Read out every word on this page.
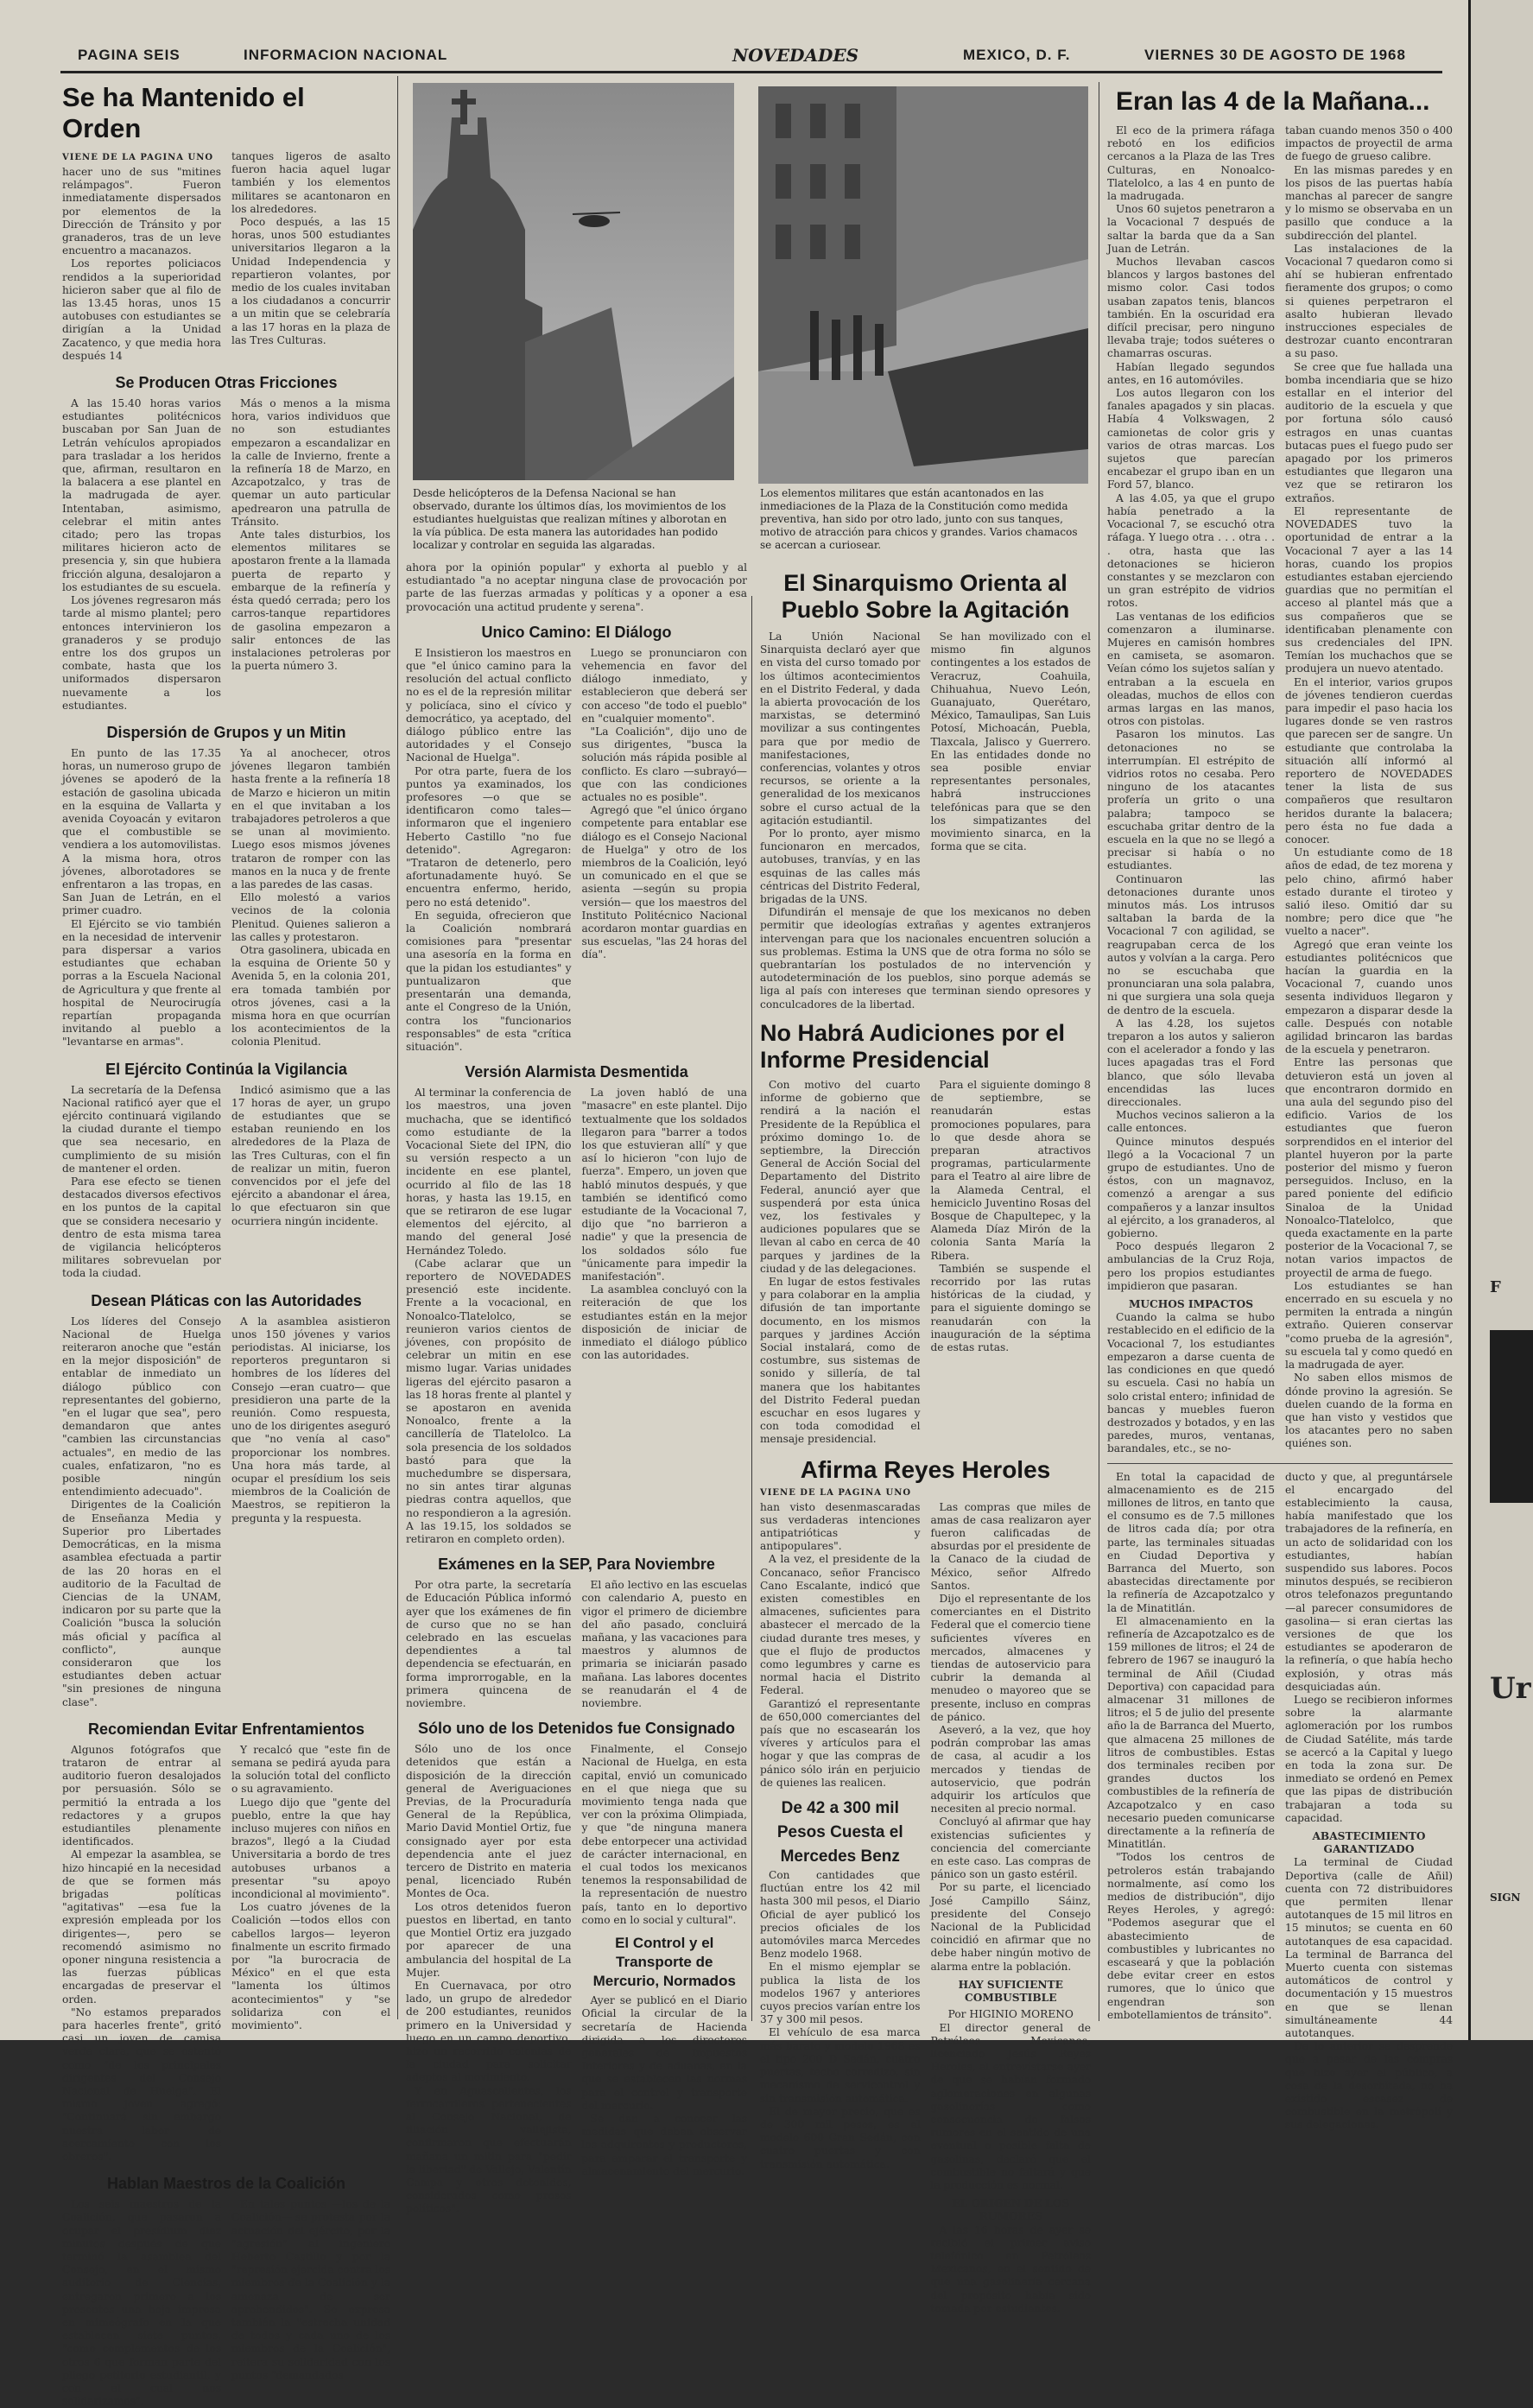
PAGINA SEIS	INFORMACION NACIONAL	NOVEDADES	MEXICO, D. F.	VIERNES 30 DE AGOSTO DE 1968
Se ha Mantenido el Orden
VIENE DE LA PAGINA UNO
hacer uno de sus "mitines relámpagos". Fueron inmediatamente dispersados por elementos de la Dirección de Tránsito y por granaderos, tras de un leve encuentro a macanazos.
Los reportes policiacos rendidos a la superioridad hicieron saber que al filo de las 13.45 horas, unos 15 autobuses con estudiantes se dirigían a la Unidad Zacatenco, y que media hora después 14
tanques ligeros de asalto fueron hacia aquel lugar también y los elementos militares se acantonaron en los alrededores.
Poco después, a las 15 horas, unos 500 estudiantes universitarios llegaron a la Unidad Independencia y repartieron volantes, por medio de los cuales invitaban a los ciudadanos a concurrir a un mitin que se celebraría a las 17 horas en la plaza de las Tres Culturas.
Se Producen Otras Fricciones
A las 15.40 horas varios estudiantes politécnicos buscaban por San Juan de Letrán vehículos apropiados para trasladar a los heridos que, afirman, resultaron en la balacera a ese plantel en la madrugada de ayer. Intentaban, asimismo, celebrar el mitin antes citado; pero las tropas militares hicieron acto de presencia y, sin que hubiera fricción alguna, desalojaron a los estudiantes de su escuela.
Los jóvenes regresaron más tarde al mismo plantel; pero entonces intervinieron los granaderos y se produjo entre los dos grupos un combate, hasta que los uniformados dispersaron nuevamente a los estudiantes.
Más o menos a la misma hora, varios individuos que no son estudiantes empezaron a escandalizar en la calle de Invierno, frente a la refinería 18 de Marzo, en Azcapotzalco, y tras de quemar un auto particular apedrearon una patrulla de Tránsito.
Ante tales disturbios, los elementos militares se apostaron frente a la llamada puerta de reparto y embarque de la refinería y ésta quedó cerrada; pero los carros-tanque repartidores de gasolina empezaron a salir entonces de las instalaciones petroleras por la puerta número 3.
Dispersión de Grupos y un Mitin
En punto de las 17.35 horas, un numeroso grupo de jóvenes se apoderó de la estación de gasolina ubicada en la esquina de Vallarta y avenida Coyoacán y evitaron que el combustible se vendiera a los automovilistas. A la misma hora, otros jóvenes, alborotadores se enfrentaron a las tropas, en San Juan de Letrán, en el primer cuadro.
El Ejército se vio también en la necesidad de intervenir para dispersar a varios estudiantes que echaban porras a la Escuela Nacional de Agricultura y que frente al hospital de Neurocirugía repartían propaganda invitando al pueblo a "levantarse en armas".
Ya al anochecer, otros jóvenes llegaron también hasta frente a la refinería 18 de Marzo e hicieron un mitin en el que invitaban a los trabajadores petroleros a que se unan al movimiento. Luego esos mismos jóvenes trataron de romper con las manos en la nuca y de frente a las paredes de las casas.
Ello molestó a varios vecinos de la colonia Plenitud. Quienes salieron a las calles y protestaron.
Otra gasolinera, ubicada en la esquina de Oriente 50 y Avenida 5, en la colonia 201, era tomada también por otros jóvenes, casi a la misma hora en que ocurrían los acontecimientos de la colonia Plenitud.
El Ejército Continúa la Vigilancia
La secretaría de la Defensa Nacional ratificó ayer que el ejército continuará vigilando la ciudad durante el tiempo que sea necesario, en cumplimiento de su misión de mantener el orden.
Para ese efecto se tienen destacados diversos efectivos en los puntos de la capital que se considera necesario y dentro de esta misma tarea de vigilancia helicópteros militares sobrevuelan por toda la ciudad.
Indicó asimismo que a las 17 horas de ayer, un grupo de estudiantes que se estaban reuniendo en los alrededores de la Plaza de las Tres Culturas, con el fin de realizar un mitin, fueron convencidos por el jefe del ejército a abandonar el área, lo que efectuaron sin que ocurriera ningún incidente.
Desean Pláticas con las Autoridades
Los líderes del Consejo Nacional de Huelga reiteraron anoche que "están en la mejor disposición" de entablar de inmediato un diálogo público con representantes del gobierno, "en el lugar que sea", pero demandaron que antes "cambien las circunstancias actuales", en medio de las cuales, enfatizaron, "no es posible ningún entendimiento adecuado".
Dirigentes de la Coalición de Enseñanza Media y Superior pro Libertades Democráticas, en la misma asamblea efectuada a partir de las 20 horas en el auditorio de la Facultad de Ciencias de la UNAM, indicaron por su parte que la Coalición "busca la solución más oficial y pacífica al conflicto", aunque consideraron que los estudiantes deben actuar "sin presiones de ninguna clase".
A la asamblea asistieron unos 150 jóvenes y varios periodistas. Al iniciarse, los reporteros preguntaron si hombres de los líderes del Consejo —eran cuatro— que presidieron una parte de la reunión. Como respuesta, uno de los dirigentes aseguró que "no venía al caso" proporcionar los nombres. Una hora más tarde, al ocupar el presídium los seis miembros de la Coalición de Maestros, se repitieron la pregunta y la respuesta.
Recomiendan Evitar Enfrentamientos
Algunos fotógrafos que trataron de entrar al auditorio fueron desalojados por persuasión. Sólo se permitió la entrada a los redactores y a grupos estudiantiles plenamente identificados.
Al empezar la asamblea, se hizo hincapié en la necesidad de que se formen más brigadas políticas "agitativas" —esa fue la expresión empleada por los dirigentes—, pero se recomendó asimismo no oponer ninguna resistencia a las fuerzas públicas encargadas de preservar el orden.
"No estamos preparados para hacerles frente", gritó casi un joven de camisa verde clara, que se ostentó como "de los principales dirigentes del Consejo Nacional de Huelga". El mismo joven agregó: "Continuará sin embargo nuestra labor de acercamiento con los obreros".
Y recalcó que "este fin de semana se pedirá ayuda para la solución total del conflicto o su agravamiento.
Luego dijo que "gente del pueblo, entre la que hay incluso mujeres con niños en brazos", llegó a la Ciudad Universitaria a bordo de tres autobuses urbanos a presentar "su apoyo incondicional al movimiento".
Los cuatro jóvenes de la Coalición —todos ellos con cabellos largos— leyeron finalmente un escrito firmado por "la burocracia de México" en el que esta "lamenta los últimos acontecimientos" y "se solidariza con el movimiento".
Hablan Maestros de la Coalición
Los seis maestros de la Coalición, que pasaron a ocupar el presídium diez minutos después de que terminó la asamblea del Consejo, en el mismo auditorio de Ciencias, entregaron primero a los presentes una hoja impresa en mimeógrafo en la que establecen siete puntos, "como complementos de los otros 6 que forman parte del pliego petitorio estudiantil, y con el cual nos solidarizamos".
En tales puntos —los de la Coalición— se protesta por la actuación del ejército, por la "agresión" al ingeniero Heberto Castillo y por la "represión ejercida contra los miembros de la Coalición y la amenaza de ser aprehendidos". Se expresa también la "estrecha unidad de todos y cada uno de los miembros de la Coalición", reitera su solidaridad con los puntos "demandados
Desde helicópteros de la Defensa Nacional se han observado, durante los últimos días, los movimientos de los estudiantes huelguistas que realizan mítines y alborotan en la vía pública. De esta manera las autoridades han podido localizar y controlar en seguida las algaradas.
Los elementos militares que están acantonados en las inmediaciones de la Plaza de la Constitución como medida preventiva, han sido por otro lado, junto con sus tanques, motivo de atracción para chicos y grandes. Varios chamacos se acercan a curiosear.
ahora por la opinión popular" y exhorta al pueblo y al estudiantado "a no aceptar ninguna clase de provocación por parte de las fuerzas armadas y políticas y a oponer a esa provocación una actitud prudente y serena".
Unico Camino: El Diálogo
E Insistieron los maestros en que "el único camino para la resolución del actual conflicto no es el de la represión militar y policíaca, sino el cívico y democrático, ya aceptado, del diálogo público entre las autoridades y el Consejo Nacional de Huelga".
Por otra parte, fuera de los puntos ya examinados, los profesores —o que se identificaron como tales— informaron que el ingeniero Heberto Castillo "no fue detenido". Agregaron: "Trataron de detenerlo, pero afortunadamente huyó. Se encuentra enfermo, herido, pero no está detenido".
En seguida, ofrecieron que la Coalición nombrará comisiones para "presentar una asesoría en la forma en que la pidan los estudiantes" y puntualizaron que presentarán una demanda, ante el Congreso de la Unión, contra los "funcionarios responsables" de esta "crítica situación".
Luego se pronunciaron con vehemencia en favor del diálogo inmediato, y establecieron que deberá ser con acceso "de todo el pueblo" en "cualquier momento".
"La Coalición", dijo uno de sus dirigentes, "busca la solución más rápida posible al conflicto. Es claro —subrayó— que con las condiciones actuales no es posible".
Agregó que "el único órgano competente para entablar ese diálogo es el Consejo Nacional de Huelga" y otro de los miembros de la Coalición, leyó un comunicado en el que se asienta —según su propia versión— que los maestros del Instituto Politécnico Nacional acordaron montar guardias en sus escuelas, "las 24 horas del día".
Versión Alarmista Desmentida
Al terminar la conferencia de los maestros, una joven muchacha, que se identificó como estudiante de la Vocacional Siete del IPN, dio su versión respecto a un incidente en ese plantel, ocurrido al filo de las 18 horas, y hasta las 19.15, en que se retiraron de ese lugar elementos del ejército, al mando del general José Hernández Toledo.
(Cabe aclarar que un reportero de NOVEDADES presenció este incidente. Frente a la vocacional, en Nonoalco-Tlatelolco, se reunieron varios cientos de jóvenes, con propósito de celebrar un mitin en ese mismo lugar. Varias unidades ligeras del ejército pasaron a las 18 horas frente al plantel y se apostaron en avenida Nonoalco, frente a la cancillería de Tlatelolco. La sola presencia de los soldados bastó para que la muchedumbre se dispersara, no sin antes tirar algunas piedras contra aquellos, que no respondieron a la agresión. A las 19.15, los soldados se retiraron en completo orden).
La joven habló de una "masacre" en este plantel. Dijo textualmente que los soldados llegaron para "barrer a todos los que estuvieran allí" y que así lo hicieron "con lujo de fuerza". Empero, un joven que habló minutos después, y que también se identificó como estudiante de la Vocacional 7, dijo que "no barrieron a nadie" y que la presencia de los soldados sólo fue "únicamente para impedir la manifestación".
La asamblea concluyó con la reiteración de que los estudiantes están en la mejor disposición de iniciar de inmediato el diálogo público con las autoridades.
Exámenes en la SEP, Para Noviembre
Por otra parte, la secretaría de Educación Pública informó ayer que los exámenes de fin de curso que no se han celebrado en las escuelas dependientes a tal dependencia se efectuarán, en forma improrrogable, en la primera quincena de noviembre.
El año lectivo en las escuelas con calendario A, puesto en vigor el primero de diciembre del año pasado, concluirá mañana, y las vacaciones para maestros y alumnos de primaria se iniciarán pasado mañana. Las labores docentes se reanudarán el 4 de noviembre.
Sólo uno de los Detenidos fue Consignado
Sólo uno de los once detenidos que están a disposición de la dirección general de Averiguaciones Previas, de la Procuraduría General de la República, Mario David Montiel Ortiz, fue consignado ayer por esta dependencia ante el juez tercero de Distrito en materia penal, licenciado Rubén Montes de Oca.
Los otros detenidos fueron puestos en libertad, en tanto que Montiel Ortiz era juzgado por aparecer de una ambulancia del hospital de La Mujer.
En Cuernavaca, por otro lado, un grupo de alrededor de 200 estudiantes, reunidos primero en la Universidad y luego en un campo deportivo, hizo un recorrido colonias de la ciudad para solicitar adeptos al movimiento.
Y en Aguascalientes, los ferrocarrileros pertenecientes al Consejo Nacional, de filiación vallejista, confirmaron que efectuarán mañana un mitin para "pedir la libertad" de Vallejo, Valentín Campa y otros detenidos, considerados como presos políticos".
Finalmente, el Consejo Nacional de Huelga, en esta capital, envió un comunicado en el que niega que su movimiento tenga nada que ver con la próxima Olimpiada, y que "de ninguna manera debe entorpecer una actividad de carácter internacional, en el cual todos los mexicanos tenemos la responsabilidad de la representación de nuestro país, tanto en lo deportivo como en lo social y cultural".
El Control y el Transporte de Mercurio, Normados
Ayer se publicó en el Diario Oficial la circular de la secretaría de Hacienda dirigida a los directores generales de Impuestos Interiores y de aduanas, en la que se establecen las normas para el control y transporte del mercurio.
Se dan a conocer las medidas que deben observar los adquirentes y productores, para amparar el transporte y almacenamiento del mercurio.
El Sinarquismo Orienta al Pueblo Sobre la Agitación
La Unión Nacional Sinarquista declaró ayer que en vista del curso tomado por los últimos acontecimientos en el Distrito Federal, y dada la abierta provocación de los marxistas, se determinó movilizar a sus contingentes para que por medio de manifestaciones, conferencias, volantes y otros recursos, se oriente a la generalidad de los mexicanos sobre el curso actual de la agitación estudiantil.
Por lo pronto, ayer mismo funcionaron en mercados, autobuses, tranvías, y en las esquinas de las calles más céntricas del Distrito Federal, brigadas de la UNS.
Se han movilizado con el mismo fin algunos contingentes a los estados de Veracruz, Coahuila, Chihuahua, Nuevo León, Guanajuato, Querétaro, México, Tamaulipas, San Luis Potosí, Michoacán, Puebla, Tlaxcala, Jalisco y Guerrero. En las entidades donde no sea posible enviar representantes personales, habrá instrucciones telefónicas para que se den los simpatizantes del movimiento sinarca, en la forma que se cita.
Difundirán el mensaje de que los mexicanos no deben permitir que ideologías extrañas y agentes extranjeros intervengan para que los nacionales encuentren solución a sus problemas. Estima la UNS que de otra forma no sólo se quebrantarían los postulados de no intervención y autodeterminación de los pueblos, sino porque además se liga al país con intereses que terminan siendo opresores y conculcadores de la libertad.
No Habrá Audiciones por el Informe Presidencial
Con motivo del cuarto informe de gobierno que rendirá a la nación el Presidente de la República el próximo domingo 1o. de septiembre, la Dirección General de Acción Social del Departamento del Distrito Federal, anunció ayer que suspenderá por esta única vez, los festivales y audiciones populares que se llevan al cabo en cerca de 40 parques y jardines de la ciudad y de las delegaciones.
En lugar de estos festivales y para colaborar en la amplia difusión de tan importante documento, en los mismos parques y jardines Acción Social instalará, como de costumbre, sus sistemas de sonido y sillería, de tal manera que los habitantes del Distrito Federal puedan escuchar en esos lugares y con toda comodidad el mensaje presidencial.
Para el siguiente domingo 8 de septiembre, se reanudarán estas promociones populares, para lo que desde ahora se preparan atractivos programas, particularmente para el Teatro al aire libre de la Alameda Central, el hemiciclo Juventino Rosas del Bosque de Chapultepec, y la Alameda Díaz Mirón de la colonia Santa María la Ribera.
También se suspende el recorrido por las rutas históricas de la ciudad, y para el siguiente domingo se reanudarán con la inauguración de la séptima de estas rutas.
Afirma Reyes Heroles
VIENE DE LA PAGINA UNO
han visto desenmascaradas sus verdaderas intenciones antipatrióticas y antipopulares".
A la vez, el presidente de la Concanaco, señor Francisco Cano Escalante, indicó que existen comestibles en almacenes, suficientes para abastecer el mercado de la ciudad durante tres meses, y que el flujo de productos como legumbres y carne es normal hacia el Distrito Federal.
Garantizó el representante de 650,000 comerciantes del país que no escasearán los víveres y artículos para el hogar y que las compras de pánico sólo irán en perjuicio de quienes las realicen.
De 42 a 300 mil Pesos Cuesta el Mercedes Benz
Con cantidades que fluctúan entre los 42 mil hasta 300 mil pesos, el Diario Oficial de ayer publicó los precios oficiales de los automóviles marca Mercedes Benz modelo 1968.
En el mismo ejemplar se publica la lista de los modelos 1967 y anteriores cuyos precios varían entre los 37 y 300 mil pesos.
El vehículo de esa marca más barato y modelo 1968 es el tipo 200 D Sedán, cuatro puertas, techo corredizo, sin mecanismo de servicontrol y sin transmisión automática.
El de mayor precio, que es de 300 mil pesos, es el modelo 600 Gran Sedán, con cuatro puertas y con transmisión automática.
Las compras que miles de amas de casa realizaron ayer fueron calificadas de absurdas por el presidente de la Canaco de la ciudad de México, señor Alfredo Santos.
Dijo el representante de los comerciantes en el Distrito Federal que el comercio tiene suficientes víveres en mercados, almacenes y tiendas de autoservicio para cubrir la demanda al menudeo o mayoreo que se presente, incluso en compras de pánico.
Aseveró, a la vez, que hoy podrán comprobar las amas de casa, al acudir a los mercados y tiendas de autoservicio, que podrán adquirir los artículos que necesiten al precio normal.
Concluyó al afirmar que hay existencias suficientes y conciencia del comerciante en este caso. Las compras de pánico son un gasto estéril.
Por su parte, el licenciado José Campillo Sáinz, presidente del Consejo Nacional de la Publicidad coincidió en afirmar que no debe haber ningún motivo de alarma entre la población.
HAY SUFICIENTE COMBUSTIBLE
Por HIGINIO MORENO
El director general de Petróleos Mexicanos, licenciado Jesús Reyes Heroles, al entrevistarse ayer de que se habían formado aglomeraciones en algunas gasolinerías como consecuencia de falsos rumores en el sentido de una eventual o posible falta de gasolinas, declaró que el combustible no faltará y que la producción es normal.
EL ORIGEN DE LOS RUMORES
A las 16 horas de ayer se recibió el primer aviso telefónico en Petróleos Mexicanos, en el sentido de que una gasolinería cercana del propósito había sido tomada por estudiantes.
Eran las 4 de la Mañana...
El eco de la primera ráfaga rebotó en los edificios cercanos a la Plaza de las Tres Culturas, en Nonoalco-Tlatelolco, a las 4 en punto de la madrugada.
Unos 60 sujetos penetraron a la Vocacional 7 después de saltar la barda que da a San Juan de Letrán.
Muchos llevaban cascos blancos y largos bastones del mismo color. Casi todos usaban zapatos tenis, blancos también. En la oscuridad era difícil precisar, pero ninguno llevaba traje; todos suéteres o chamarras oscuras.
Habían llegado segundos antes, en 16 automóviles.
Los autos llegaron con los fanales apagados y sin placas. Había 4 Volkswagen, 2 camionetas de color gris y varios de otras marcas. Los sujetos que parecían encabezar el grupo iban en un Ford 57, blanco.
A las 4.05, ya que el grupo había penetrado a la Vocacional 7, se escuchó otra ráfaga. Y luego otra . . . otra . . . otra, hasta que las detonaciones se hicieron constantes y se mezclaron con un gran estrépito de vidrios rotos.
Las ventanas de los edificios comenzaron a iluminarse. Mujeres en camisón hombres en camiseta, se asomaron. Veían cómo los sujetos salían y entraban a la escuela en oleadas, muchos de ellos con armas largas en las manos, otros con pistolas.
Pasaron los minutos. Las detonaciones no se interrumpían. El estrépito de vidrios rotos no cesaba. Pero ninguno de los atacantes profería un grito o una palabra; tampoco se escuchaba gritar dentro de la escuela en la que no se llegó a precisar si había o no estudiantes.
Continuaron las detonaciones durante unos minutos más. Los intrusos saltaban la barda de la Vocacional 7 con agilidad, se reagrupaban cerca de los autos y volvían a la carga. Pero no se escuchaba que pronunciaran una sola palabra, ni que surgiera una sola queja de dentro de la escuela.
A las 4.28, los sujetos treparon a los autos y salieron con el acelerador a fondo y las luces apagadas tras el Ford blanco, que sólo llevaba encendidas las luces direccionales.
Muchos vecinos salieron a la calle entonces.
Quince minutos después llegó a la Vocacional 7 un grupo de estudiantes. Uno de éstos, con un magnavoz, comenzó a arengar a sus compañeros y a lanzar insultos al ejército, a los granaderos, al gobierno.
Poco después llegaron 2 ambulancias de la Cruz Roja, pero los propios estudiantes impidieron que pasaran.
MUCHOS IMPACTOS
Cuando la calma se hubo restablecido en el edificio de la Vocacional 7, los estudiantes empezaron a darse cuenta de las condiciones en que quedó su escuela. Casi no había un solo cristal entero; infinidad de bancas y muebles fueron destrozados y botados, y en las paredes, muros, ventanas, barandales, etc., se no-
taban cuando menos 350 o 400 impactos de proyectil de arma de fuego de grueso calibre.
En las mismas paredes y en los pisos de las puertas había manchas al parecer de sangre y lo mismo se observaba en un pasillo que conduce a la subdirección del plantel.
Las instalaciones de la Vocacional 7 quedaron como si ahí se hubieran enfrentado fieramente dos grupos; o como si quienes perpetraron el asalto hubieran llevado instrucciones especiales de destrozar cuanto encontraran a su paso.
Se cree que fue hallada una bomba incendiaria que se hizo estallar en el interior del auditorio de la escuela y que por fortuna sólo causó estragos en unas cuantas butacas pues el fuego pudo ser apagado por los primeros estudiantes que llegaron una vez que se retiraron los extraños.
El representante de NOVEDADES tuvo la oportunidad de entrar a la Vocacional 7 ayer a las 14 horas, cuando los propios estudiantes estaban ejerciendo guardias que no permitían el acceso al plantel más que a sus compañeros que se identificaban plenamente con sus credenciales del IPN. Temían los muchachos que se produjera un nuevo atentado.
En el interior, varios grupos de jóvenes tendieron cuerdas para impedir el paso hacia los lugares donde se ven rastros que parecen ser de sangre. Un estudiante que controlaba la situación allí informó al reportero de NOVEDADES tener la lista de sus compañeros que resultaron heridos durante la balacera; pero ésta no fue dada a conocer.
Un estudiante como de 18 años de edad, de tez morena y pelo chino, afirmó haber estado durante el tiroteo y salió ileso. Omitió dar su nombre; pero dice que "he vuelto a nacer".
Agregó que eran veinte los estudiantes politécnicos que hacían la guardia en la Vocacional 7, cuando unos sesenta individuos llegaron y empezaron a disparar desde la calle. Después con notable agilidad brincaron las bardas de la escuela y penetraron.
Entre las personas que detuvieron está un joven al que encontraron dormido en una aula del segundo piso del edificio. Varios de los estudiantes que fueron sorprendidos en el interior del plantel huyeron por la parte posterior del mismo y fueron perseguidos. Incluso, en la pared poniente del edificio Sinaloa de la Unidad Nonoalco-Tlatelolco, que queda exactamente en la parte posterior de la Vocacional 7, se notan varios impactos de proyectil de arma de fuego.
Los estudiantes se han encerrado en su escuela y no permiten la entrada a ningún extraño. Quieren conservar "como prueba de la agresión", su escuela tal y como quedó en la madrugada de ayer.
No saben ellos mismos de dónde provino la agresión. Se duelen cuando de la forma en que han visto y vestidos que los atacantes pero no saben quiénes son.
En total la capacidad de almacenamiento es de 215 millones de litros, en tanto que el consumo es de 7.5 millones de litros cada día; por otra parte, las terminales situadas en Ciudad Deportiva y Barranca del Muerto, son abastecidas directamente por la refinería de Azcapotzalco y la de Minatitlán.
El almacenamiento en la refinería de Azcapotzalco es de 159 millones de litros; el 24 de febrero de 1967 se inauguró la terminal de Añil (Ciudad Deportiva) con capacidad para almacenar 31 millones de litros; el 5 de julio del presente año la de Barranca del Muerto, que almacena 25 millones de litros de combustibles. Estas dos terminales reciben por grandes ductos los combustibles de la refinería de Azcapotzalco y en caso necesario pueden comunicarse directamente a la refinería de Minatitlán.
"Todos los centros de petroleros están trabajando normalmente, así como los medios de distribución", dijo Reyes Heroles, y agregó: "Podemos asegurar que el abastecimiento de combustibles y lubricantes no escaseará y que la población debe evitar creer en estos rumores, que lo único que engendran son embotellamientos de tránsito".
ducto y que, al preguntársele el encargado del establecimiento la causa, había manifestado que los trabajadores de la refinería, en un acto de solidaridad con los estudiantes, habían suspendido sus labores. Pocos minutos después, se recibieron otros telefonazos preguntando —al parecer consumidores de gasolina— si eran ciertas las versiones de que los estudiantes se apoderaron de la refinería, o que había hecho explosión, y otras más desquiciadas aún.
Luego se recibieron informes sobre la alarmante aglomeración por los rumbos de Ciudad Satélite, más tarde se acercó a la Capital y luego en toda la zona sur. De inmediato se ordenó en Pemex que las pipas de distribución trabajaran a toda su capacidad.
ABASTECIMIENTO GARANTIZADO
La terminal de Ciudad Deportiva (calle de Añil) cuenta con 72 distribuidores que permiten llenar autotanques de 15 mil litros en 15 minutos; se cuenta en 60 autotanques de esa capacidad. La terminal de Barranca del Muerto cuenta con sistemas automáticos de control y documentación y 15 muestros en que se llenan simultáneamente 44 autotanques.
De lo anterior se desprende que a pesar de las compras que hizo ayer el público, a cosa de la desorbitada, no ha existido escasez de combustible en la metrópoli y sus delegaciones.
F
Ur
SIGN
